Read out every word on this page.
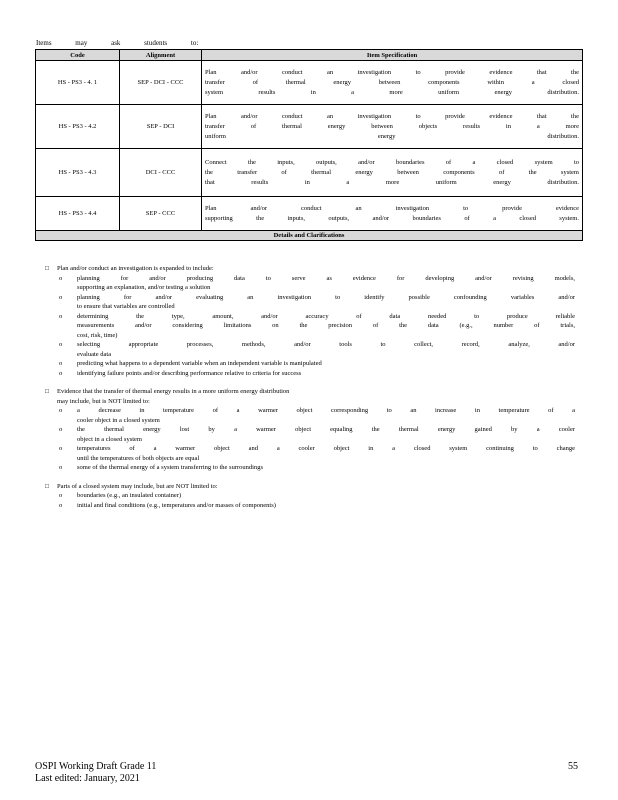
Items may ask students to:
Code	Alignment	Item Specification
HS - PS3 - 4. 1	SEP - DCI - CCC	Plan and/or conduct an investigation to provide evidence that the
transfer of thermal energy between components within a closed
system results in a more uniform energy distribution.

HS - PS3 - 4.2	SEP - DCI	Plan and/or conduct an investigation to provide evidence that the
transfer of thermal energy between objects results in a more
uniform energy distribution.

HS - PS3 - 4.3	DCI - CCC	Connect the inputs, outputs, and/or boundaries of a closed system to
the transfer of thermal energy between components of the system
that results in a more uniform energy distribution.

HS - PS3 - 4.4	SEP - CCC	Plan and/or conduct an investigation to provide evidence
supporting the inputs, outputs, and/or boundaries of a closed system.

Details and Clarifications		
□	Plan and/or conduct an investigation is expanded to include:
o	planning for and/or producing data to serve as evidence for developing and/or revising models,
supporting an explanation, and/or testing a solution
o	planning for and/or evaluating an investigation to identify possible confounding variables and/or
to ensure that variables are controlled
o	determining the type, amount, and/or accuracy of data needed to produce reliable
measurements and/or considering limitations on the precision of the data (e.g., number of trials,
cost, risk, time)
o	selecting appropriate processes, methods, and/or tools to collect, record, analyze, and/or
evaluate data
o	predicting what happens to a dependent variable when an independent variable is manipulated
o	identifying failure points and/or describing performance relative to criteria for success
□	Evidence that the transfer of thermal energy results in a more uniform energy distribution
may include, but is NOT limited to:
o	a decrease in temperature of a warmer object corresponding to an increase in temperature of a
cooler object in a closed system
o	the thermal energy lost by a warmer object equaling the thermal energy gained by a cooler
object in a closed system
o	temperatures of a warmer object and a cooler object in a closed system continuing to change
until the temperatures of both objects are equal
o	some of the thermal energy of a system transferring to the surroundings
□	Parts of a closed system may include, but are NOT limited to:
o	boundaries (e.g., an insulated container)
o	initial and final conditions (e.g., temperatures and/or masses of components)
OSPI Working Draft Grade 11
Last edited: January, 2021
55
